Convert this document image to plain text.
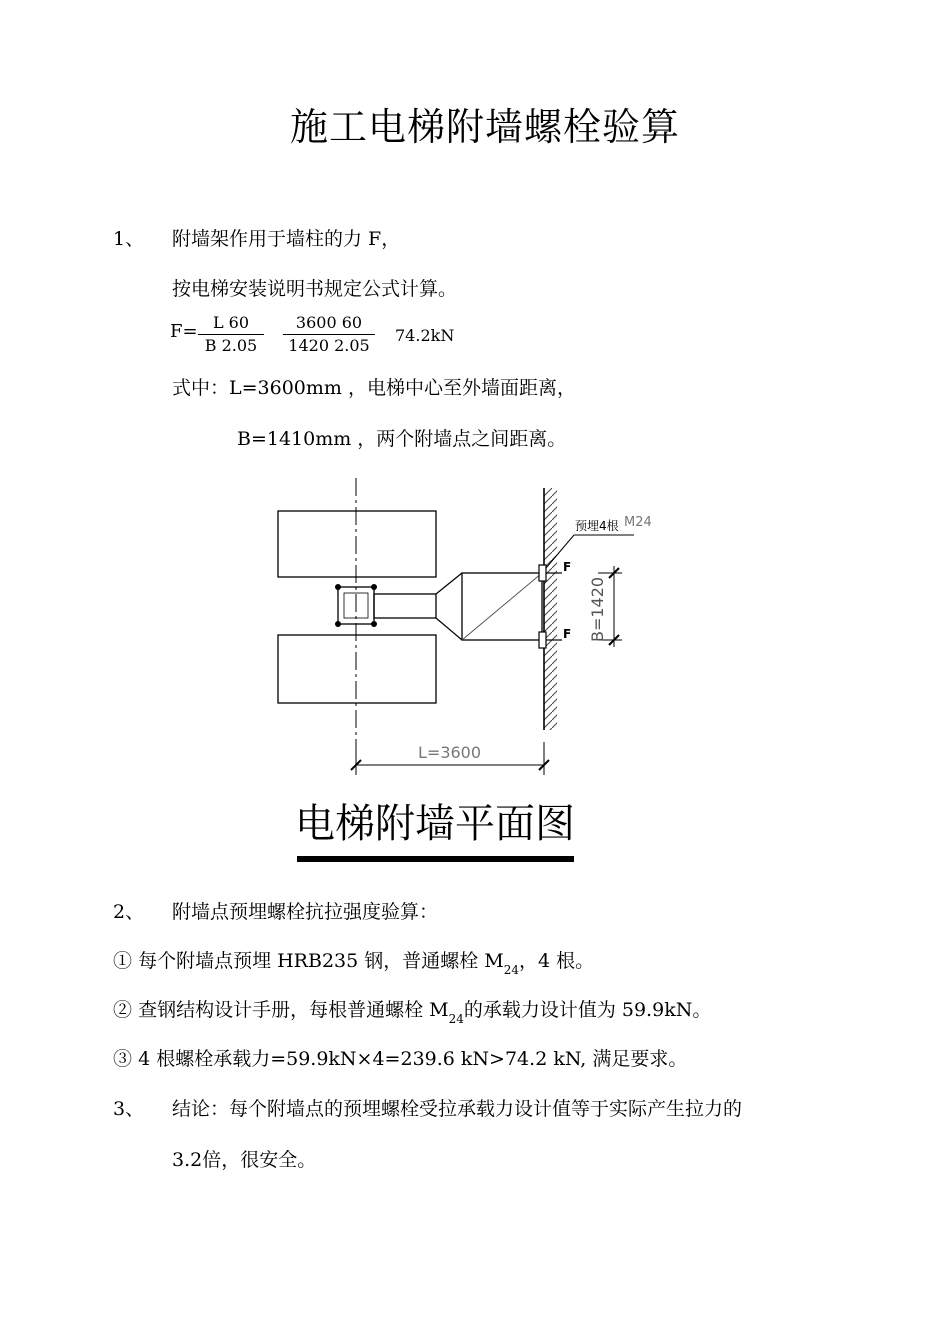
施工电梯附墙螺栓验算
1、 附墙架作用于墙柱的力 F，
按电梯安装说明书规定公式计算。
F= L 60
B 2.05
3600 60
1420 2.05
74.2kN
式中：L=3600mm ，电梯中心至外墙面距离，
B=1410mm ，两个附墙点之间距离。
F
F
预埋4根 M24
B=1420
L=3600
电梯附墙平面图
2、 附墙点预埋螺栓抗拉强度验算：
① 每个附墙点预埋 HRB235 钢，普通螺栓 $M_{24}$，4 根。
② 查钢结构设计手册，每根普通螺栓 $M_{24}$的承载力设计值为 59.9kN。
③ 4 根螺栓承载力=59.9kN×4=239.6 kN>74.2 kN, 满足要求。
3、 结论：每个附墙点的预埋螺栓受拉承载力设计值等于实际产生拉力的
3.2倍，很安全。
